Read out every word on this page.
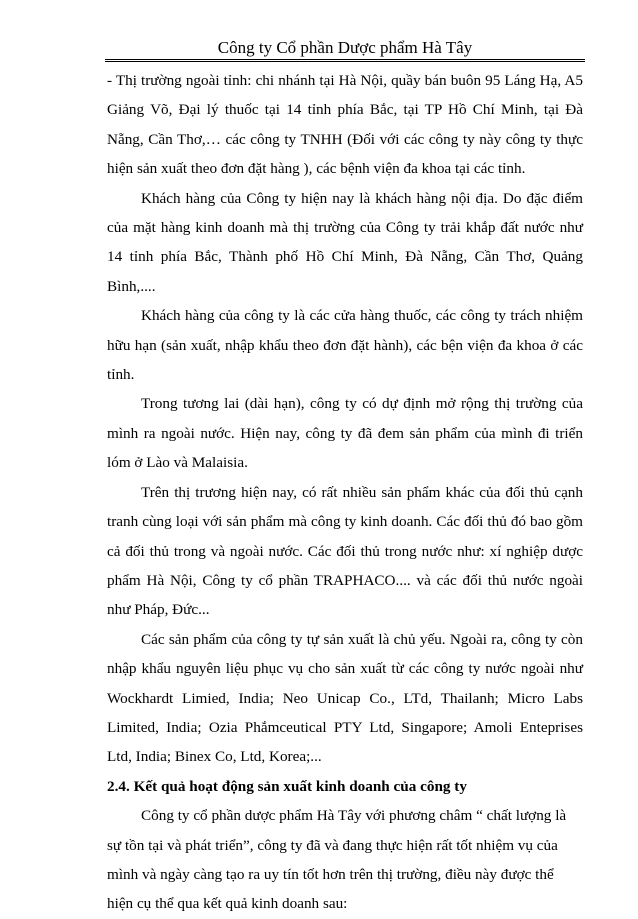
Công ty Cổ phần Dược phẩm Hà Tây

- Thị trường ngoài tỉnh: chi nhánh tại Hà Nội, quầy bán buôn 95 Láng Hạ, A5 Giảng Võ, Đại lý thuốc tại 14 tỉnh phía Bắc, tại TP Hồ Chí Minh, tại Đà Nẵng, Cần Thơ,… các công ty TNHH (Đối với các công ty này công ty thực hiện sản xuất theo đơn đặt hàng ), các bệnh viện đa khoa tại các tỉnh.

Khách hàng của Công ty hiện nay là khách hàng nội địa. Do đặc điểm của mặt hàng kinh doanh mà thị trường của Công ty trải khắp đất nước như 14 tỉnh phía Bắc, Thành phố Hồ Chí Minh, Đà Nẵng, Cần Thơ, Quảng Bình,....

Khách hàng của công ty là các cửa hàng thuốc, các công ty trách nhiệm hữu hạn (sản xuất, nhập khẩu theo đơn đặt hành), các bện viện đa khoa ở các tỉnh.

Trong tương lai (dài hạn), công ty có dự định mở rộng thị trường của mình ra ngoài nước. Hiện nay, công ty đã đem sản phẩm của mình đi triển lóm ở Lào và Malaisia.

Trên thị trương hiện nay, có rất nhiều sản phẩm khác của đối thủ cạnh tranh cùng loại với sản phẩm mà công ty kinh doanh. Các đối thủ đó bao gồm cả đối thủ trong và ngoài nước. Các đối thủ trong nước như: xí nghiệp dược phẩm Hà Nội, Công ty cổ phần TRAPHACO.... và các đối thủ nước ngoài như Pháp, Đức...

Các sản phẩm của công ty tự sản xuất là chủ yếu. Ngoài ra, công ty còn nhập khẩu nguyên liệu phục vụ cho sản xuất từ các công ty nước ngoài như Wockhardt Limied, India; Neo Unicap Co., LTd, Thailanh; Micro Labs Limited, India; Ozia Phắmceutical PTY Ltd, Singapore; Amoli Enteprises Ltd, India; Binex Co, Ltd, Korea;...

2.4. Kết quả hoạt động sản xuất kinh doanh của công ty

Công ty cổ phần dược phẩm Hà Tây với phương châm “ chất lượng là sự tồn tại và phát triển”, công ty đã và đang thực hiện rất tốt nhiệm vụ của mình và ngày càng tạo ra uy tín tốt hơn trên thị trường, điều này được thể hiện cụ thể qua kết quả kinh doanh sau:
